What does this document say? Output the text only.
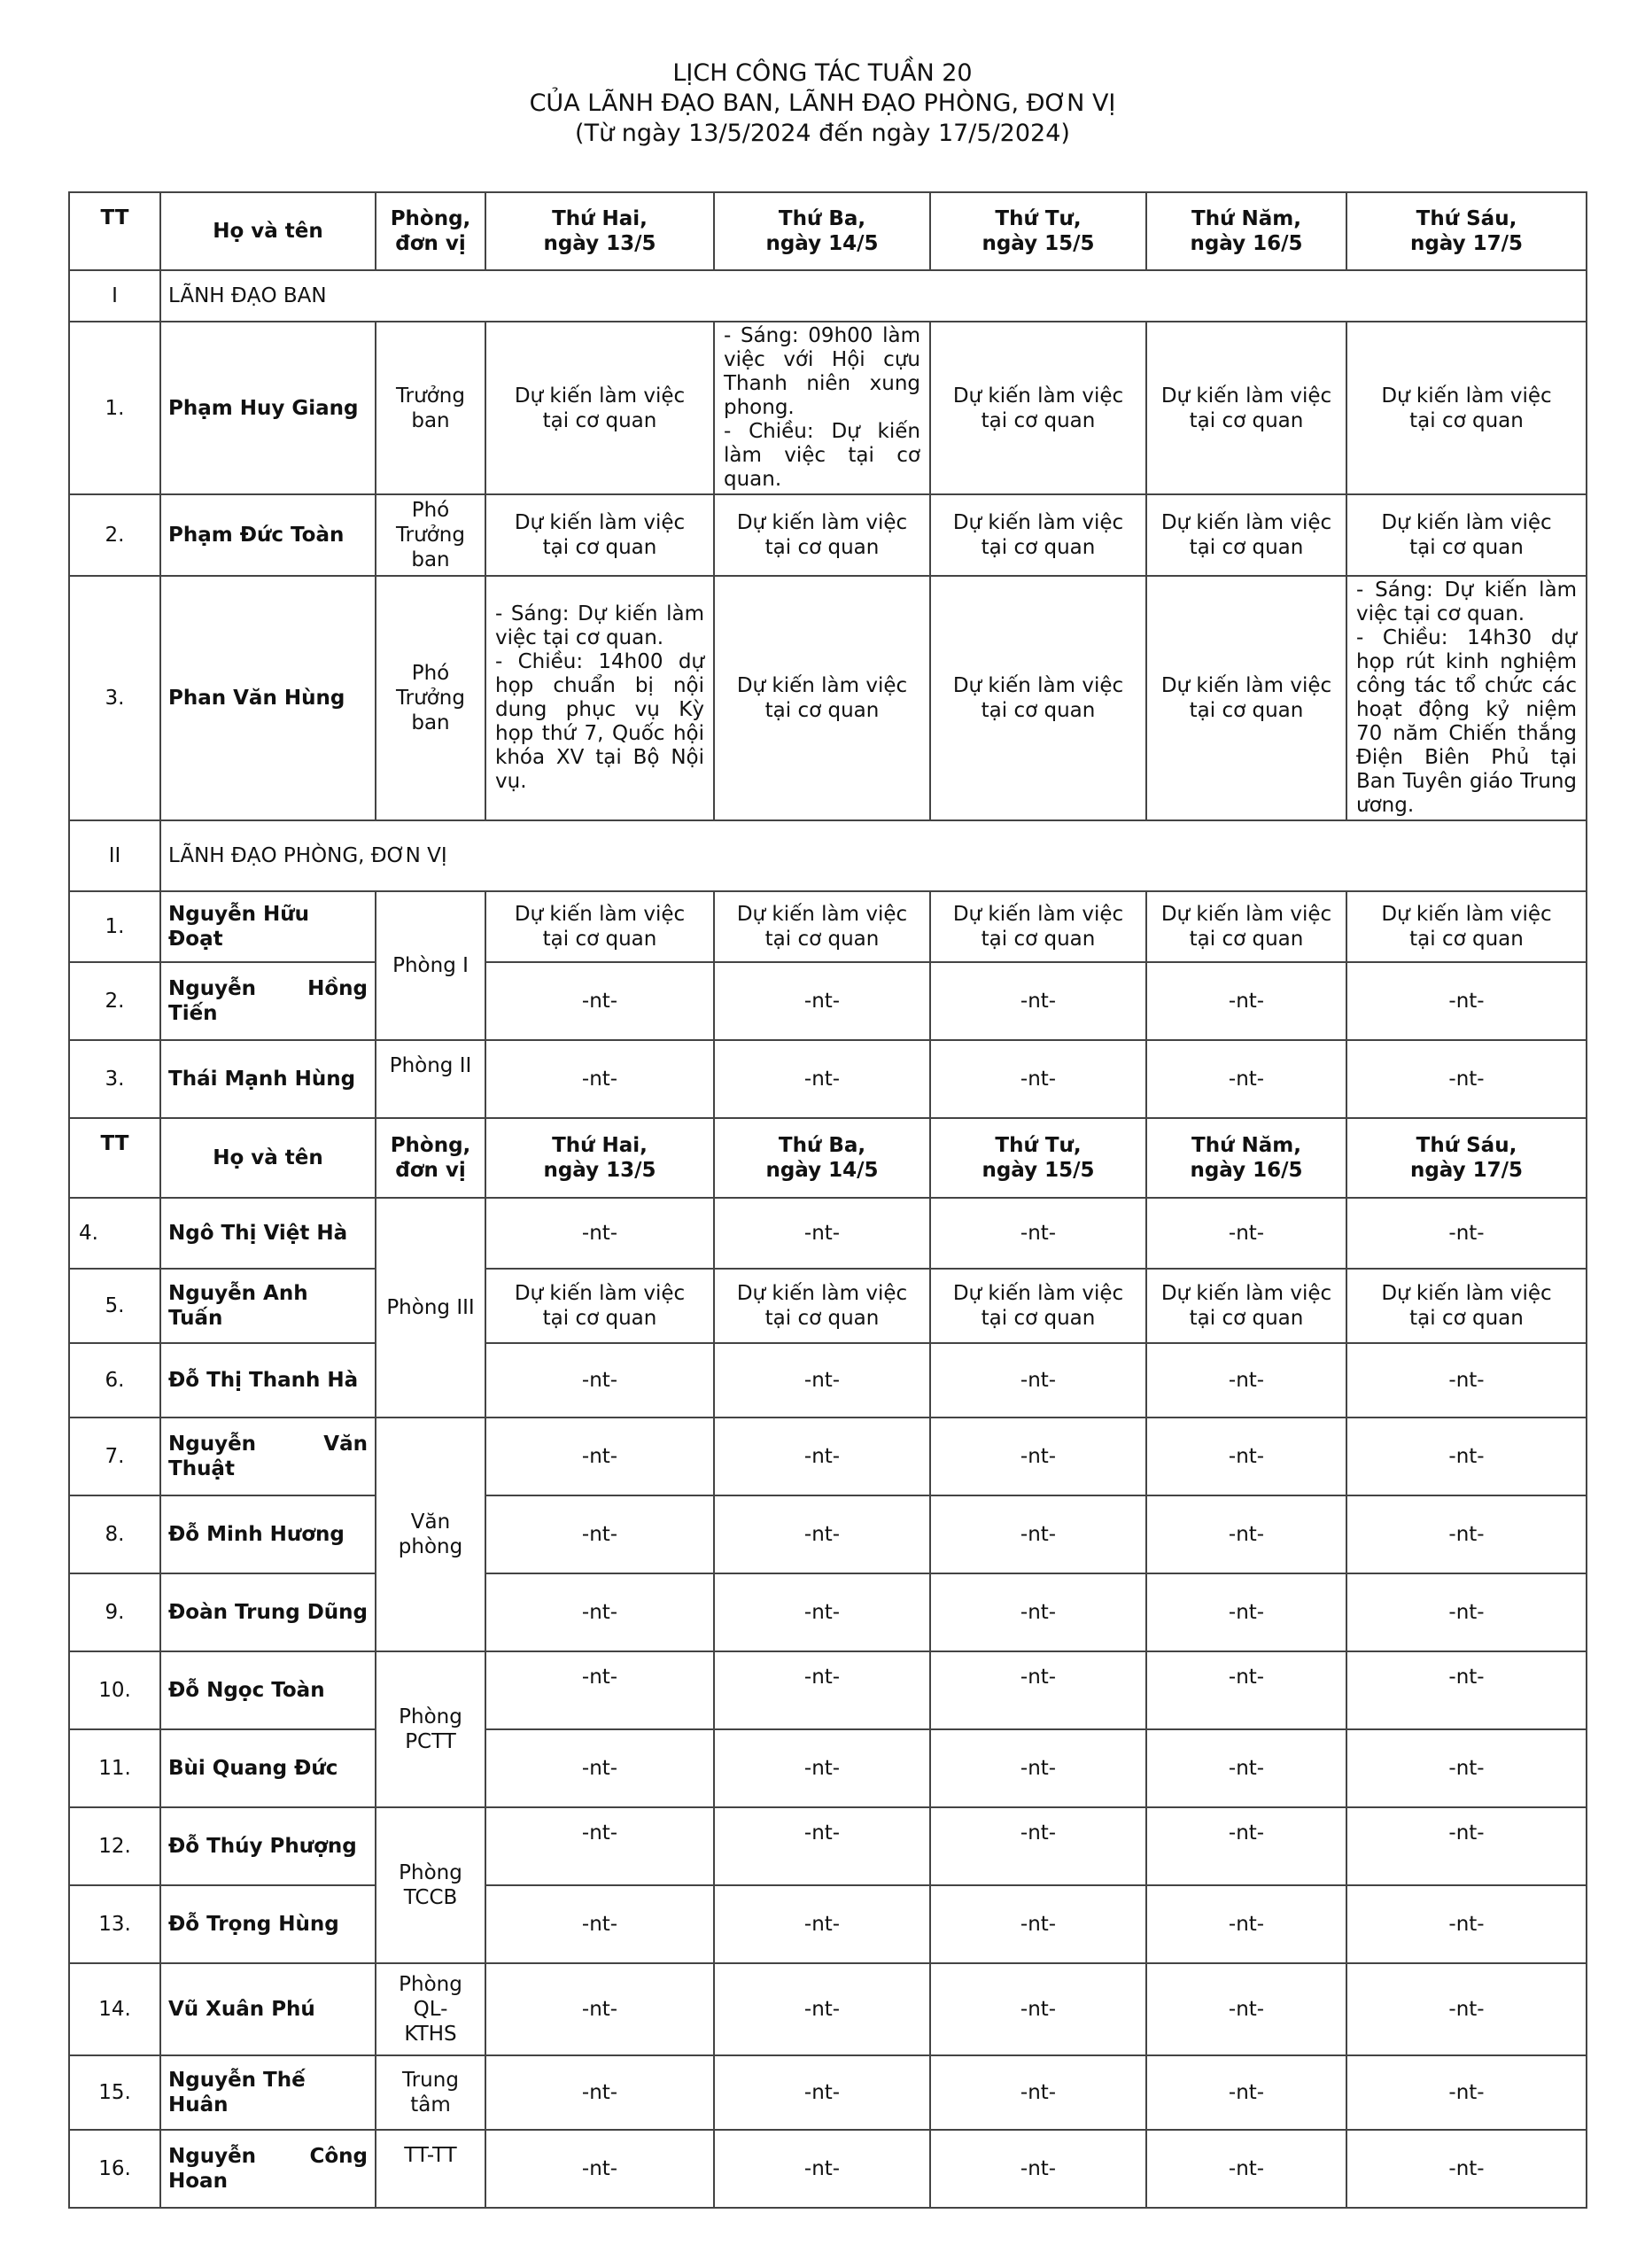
LỊCH CÔNG TÁC TUẦN 20

CỦA LÃNH ĐẠO BAN, LÃNH ĐẠO PHÒNG, ĐƠN VỊ

(Từ ngày 13/5/2024 đến ngày 17/5/2024)

TT	Họ và tên	Phòng,
đơn vị	Thứ Hai,
ngày 13/5	Thứ Ba,
ngày 14/5	Thứ Tư,
ngày 15/5	Thứ Năm,
ngày 16/5	Thứ Sáu,
ngày 17/5
I	LÃNH ĐẠO BAN						
1.	Phạm Huy Giang	Trưởng
ban	Dự kiến làm việc
tại cơ quan	- Sáng: 09h00 làm việc với Hội cựu Thanh niên xung phong.
- Chiều: Dự kiến làm việc tại cơ quan.	Dự kiến làm việc
tại cơ quan	Dự kiến làm việc
tại cơ quan	Dự kiến làm việc
tại cơ quan
2.	Phạm Đức Toàn	Phó
Trưởng
ban	Dự kiến làm việc
tại cơ quan	Dự kiến làm việc
tại cơ quan	Dự kiến làm việc
tại cơ quan	Dự kiến làm việc
tại cơ quan	Dự kiến làm việc
tại cơ quan
3.	Phan Văn Hùng	Phó
Trưởng
ban	- Sáng: Dự kiến làm việc tại cơ quan.
- Chiều: 14h00 dự họp chuẩn bị nội dung phục vụ Kỳ họp thứ 7, Quốc hội khóa XV tại Bộ Nội vụ.	Dự kiến làm việc
tại cơ quan	Dự kiến làm việc
tại cơ quan	Dự kiến làm việc
tại cơ quan	- Sáng: Dự kiến làm việc tại cơ quan.
- Chiều: 14h30 dự họp rút kinh nghiệm công tác tổ chức các hoạt động kỷ niệm 70 năm Chiến thắng Điện Biên Phủ tại Ban Tuyên giáo Trung ương.
II	LÃNH ĐẠO PHÒNG, ĐƠN VỊ						
1.	Nguyễn Hữu Đoạt	Phòng I	Dự kiến làm việc
tại cơ quan	Dự kiến làm việc
tại cơ quan	Dự kiến làm việc
tại cơ quan	Dự kiến làm việc
tại cơ quan	Dự kiến làm việc
tại cơ quan
2.	Nguyễn Hồng Tiến		-nt-	-nt-	-nt-	-nt-	-nt-
3.	Thái Mạnh Hùng	Phòng II	-nt-	-nt-	-nt-	-nt-	-nt-
TT	Họ và tên	Phòng,
đơn vị	Thứ Hai,
ngày 13/5	Thứ Ba,
ngày 14/5	Thứ Tư,
ngày 15/5	Thứ Năm,
ngày 16/5	Thứ Sáu,
ngày 17/5
4.	Ngô Thị Việt Hà	Phòng III	-nt-	-nt-	-nt-	-nt-	-nt-
5.	Nguyễn Anh Tuấn		Dự kiến làm việc
tại cơ quan	Dự kiến làm việc
tại cơ quan	Dự kiến làm việc
tại cơ quan	Dự kiến làm việc
tại cơ quan	Dự kiến làm việc
tại cơ quan
6.	Đỗ Thị Thanh Hà		-nt-	-nt-	-nt-	-nt-	-nt-
7.	Nguyễn Văn Thuật	Văn
phòng	-nt-	-nt-	-nt-	-nt-	-nt-
8.	Đỗ Minh Hương		-nt-	-nt-	-nt-	-nt-	-nt-
9.	Đoàn Trung Dũng		-nt-	-nt-	-nt-	-nt-	-nt-
10.	Đỗ Ngọc Toàn	Phòng
PCTT	-nt-	-nt-	-nt-	-nt-	-nt-
11.	Bùi Quang Đức		-nt-	-nt-	-nt-	-nt-	-nt-
12.	Đỗ Thúy Phượng	Phòng
TCCB	-nt-	-nt-	-nt-	-nt-	-nt-
13.	Đỗ Trọng Hùng		-nt-	-nt-	-nt-	-nt-	-nt-
14.	Vũ Xuân Phú	Phòng
QL-
KTHS	-nt-	-nt-	-nt-	-nt-	-nt-
15.	Nguyễn Thế Huân	Trung
tâm	-nt-	-nt-	-nt-	-nt-	-nt-
16.	Nguyễn Công Hoan	TT-TT	-nt-	-nt-	-nt-	-nt-	-nt-
